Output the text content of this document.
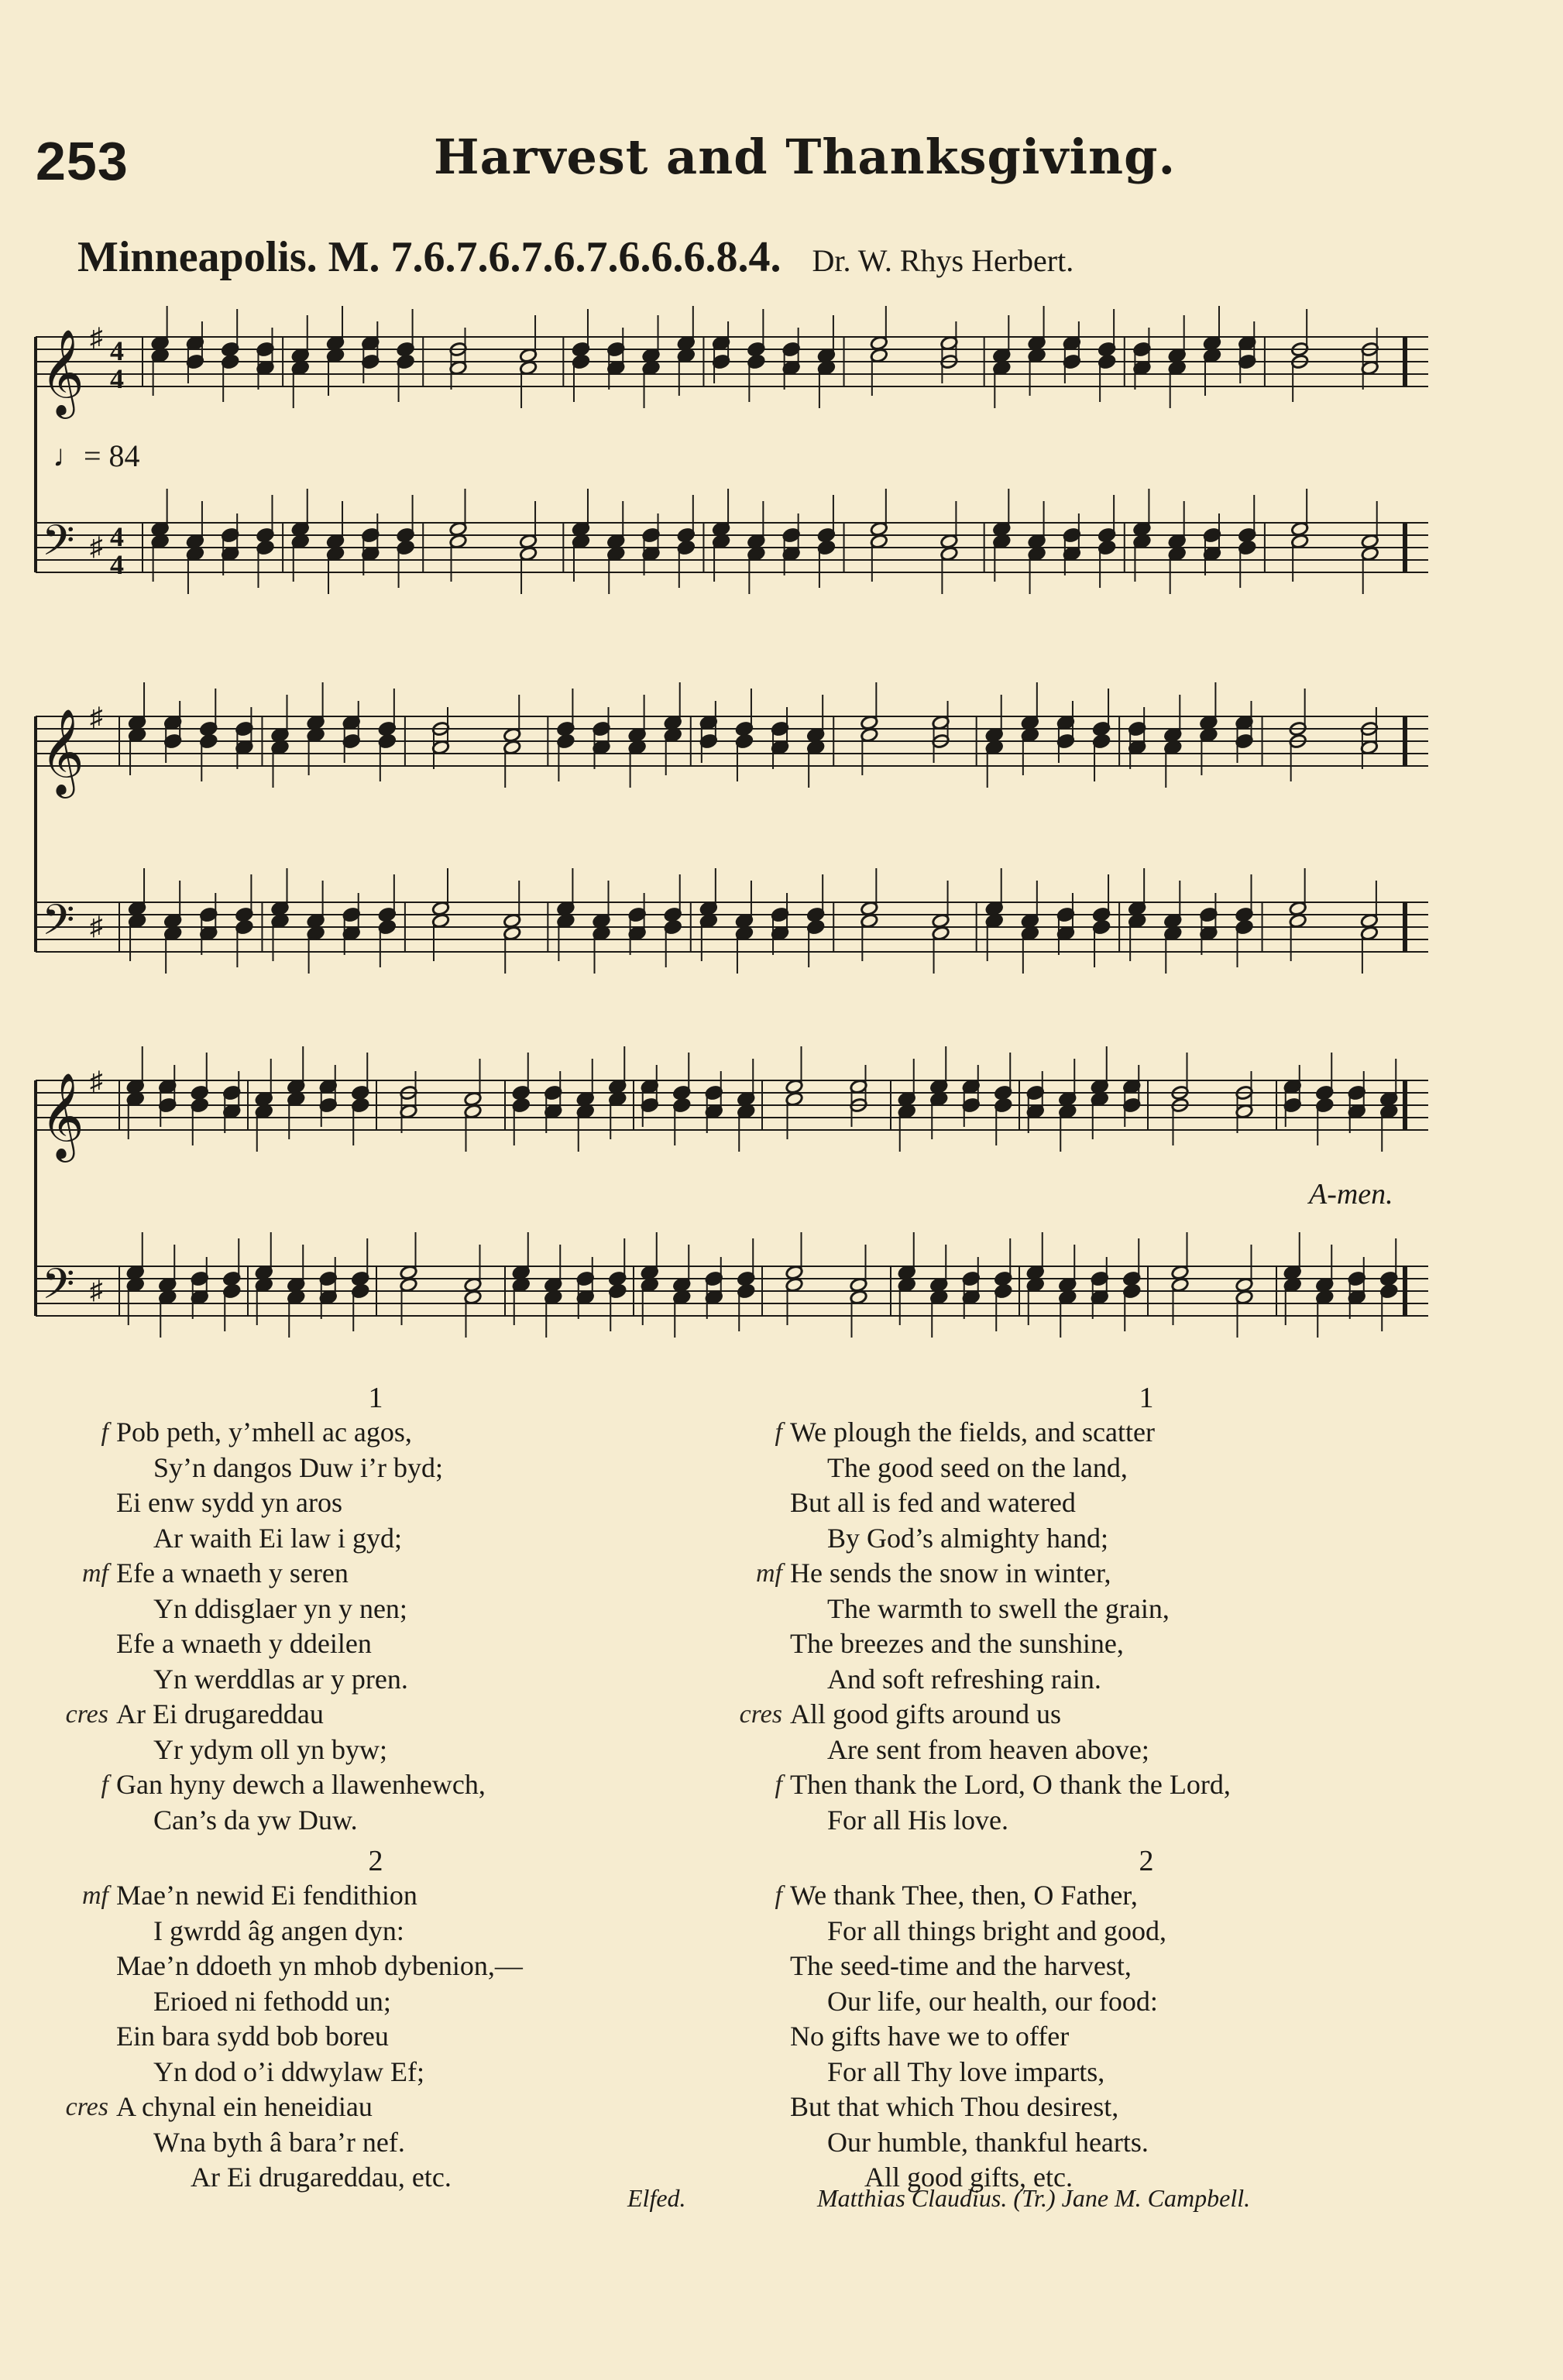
253	Harvest and Thanksgiving.
Minneapolis. M. 7.6.7.6.7.6.7.6.6.6.8.4. Dr. W. Rhys Herbert.
𝄞
𝄢
♯
♯
4
4
4
4
♩= 84
𝄞
𝄢
♯
♯
𝄞
𝄢
♯
♯
A-men.
1
f Pob peth, y’mhell ac agos,
Sy’n dangos Duw i’r byd;
Ei enw sydd yn aros
Ar waith Ei law i gyd;
mf Efe a wnaeth y seren
Yn ddisglaer yn y nen;
Efe a wnaeth y ddeilen
Yn werddlas ar y pren.
cres Ar Ei drugareddau
Yr ydym oll yn byw;
f Gan hyny dewch a llawenhewch,
Can’s da yw Duw.
2
mf Mae’n newid Ei fendithion
I gwrdd âg angen dyn:
Mae’n ddoeth yn mhob dybenion,—
Erioed ni fethodd un;
Ein bara sydd bob boreu
Yn dod o’i ddwylaw Ef;
cres A chynal ein heneidiau
Wna byth â bara’r nef.
Ar Ei drugareddau, etc.
1
f We plough the fields, and scatter
The good seed on the land,
But all is fed and watered
By God’s almighty hand;
mf He sends the snow in winter,
The warmth to swell the grain,
The breezes and the sunshine,
And soft refreshing rain.
cres All good gifts around us
Are sent from heaven above;
f Then thank the Lord, O thank the Lord,
For all His love.
2
f We thank Thee, then, O Father,
For all things bright and good,
The seed-time and the harvest,
Our life, our health, our food:
No gifts have we to offer
For all Thy love imparts,
But that which Thou desirest,
Our humble, thankful hearts.
All good gifts, etc.
Elfed.	Matthias Claudius. (Tr.) Jane M. Campbell.
